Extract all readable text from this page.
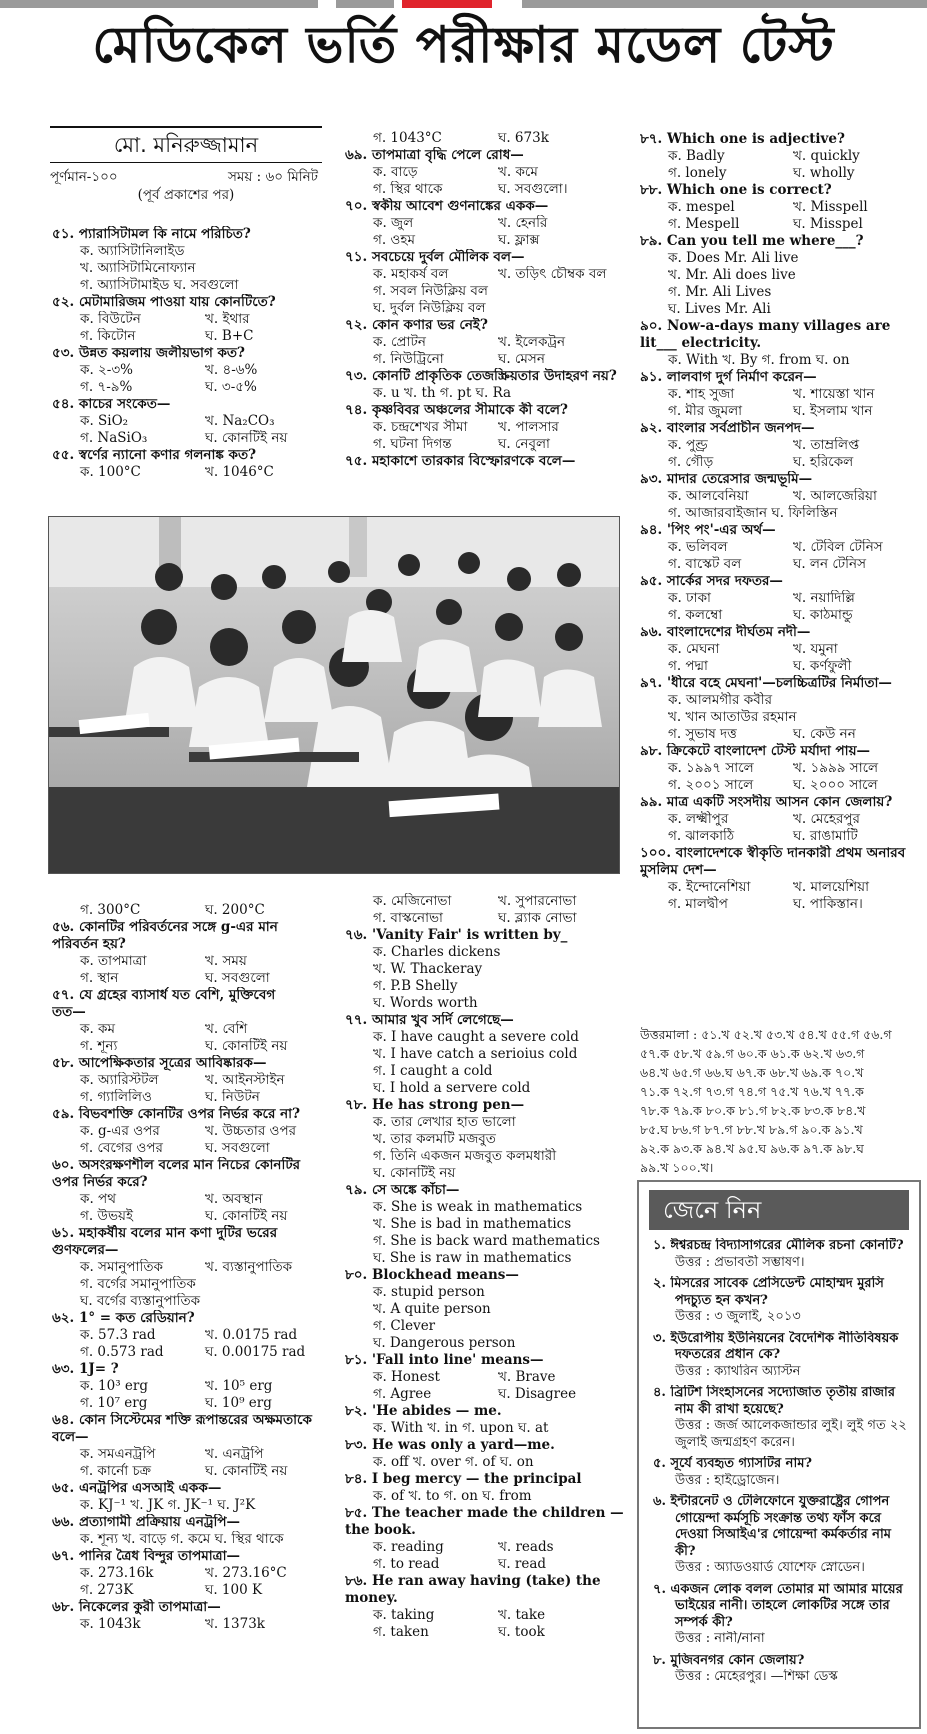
মেডিকেল ভর্তি পরীক্ষার মডেল টেস্ট
মো. মনিরুজ্জামান
পূর্ণমান-১০০	সময় : ৬০ মিনিট
(পূর্ব প্রকাশের পর)
৫১. প্যারাসিটামল কি নামে পরিচিত?
ক. অ্যাসিটানিলাইড
খ. অ্যাসিটামিনোফ্যান
গ. অ্যাসিটামাইড ঘ. সবগুলো
৫২. মেটামারিজম পাওয়া যায় কোনটিতে?
ক. বিউটেন	খ. ইথার
গ. কিটোন	ঘ. B+C
৫৩. উন্নত কয়লায় জলীয়ভাগ কত?
ক. ২-৩%	খ. ৪-৬%
গ. ৭-৯%	ঘ. ৩-৫%
৫৪. কাচের সংকেত—
ক. SiO₂	খ. Na₂CO₃
গ. NaSiO₃	ঘ. কোনটিই নয়
৫৫. স্বর্ণের ন্যানো কণার গলনাঙ্ক কত?
ক. 100°C	খ. 1046°C
গ. 1043°C	ঘ. 673k
৬৯. তাপমাত্রা বৃদ্ধি পেলে রোধ—
ক. বাড়ে	খ. কমে
গ. স্থির থাকে	ঘ. সবগুলো।
৭০. স্বকীয় আবেশ গুণনাঙ্কের একক—
ক. জুল	খ. হেনরি
গ. ওহম	ঘ. ফ্লাক্স
৭১. সবচেয়ে দুর্বল মৌলিক বল—
ক. মহাকর্ষ বল	খ. তড়িৎ চৌম্বক বল
গ. সবল নিউক্লিয় বল
ঘ. দুর্বল নিউক্লিয় বল
৭২. কোন কণার ভর নেই?
ক. প্রোটন	খ. ইলেকট্রন
গ. নিউট্রিনো	ঘ. মেসন
৭৩. কোনটি প্রাকৃতিক তেজস্ক্রিয়তার উদাহরণ নয়?
ক. u খ. th গ. pt ঘ. Ra
৭৪. কৃষ্ণবিবর অঞ্চলের সীমাকে কী বলে?
ক. চন্দ্রশেখর সীমা খ. পালসার
গ. ঘটনা দিগন্ত	ঘ. নেবুলা
৭৫. মহাকাশে তারকার বিস্ফোরণকে বলে—
গ. 300°C	ঘ. 200°C
৫৬. কোনটির পরিবর্তনের সঙ্গে g-এর মান
পরিবর্তন হয়?
ক. তাপমাত্রা	খ. সময়
গ. স্থান	ঘ. সবগুলো
৫৭. যে গ্রহের ব্যাসার্ধ যত বেশি, মুক্তিবেগ
তত—
ক. কম	খ. বেশি
গ. শূন্য	ঘ. কোনটিই নয়
৫৮. আপেক্ষিকতার সূত্রের আবিষ্কারক—
ক. অ্যারিস্টটল	খ. আইনস্টাইন
গ. গ্যালিলিও	ঘ. নিউটন
৫৯. বিভবশক্তি কোনটির ওপর নির্ভর করে না?
ক. g-এর ওপর	খ. উচ্চতার ওপর
গ. বেগের ওপর	ঘ. সবগুলো
৬০. অসংরক্ষণশীল বলের মান নিচের কোনটির
ওপর নির্ভর করে?
ক. পথ	খ. অবস্থান
গ. উভয়ই	ঘ. কোনটিই নয়
৬১. মহাকর্ষীয় বলের মান কণা দুটির ভরের
গুণফলের—
ক. সমানুপাতিক	খ. ব্যস্তানুপাতিক
গ. বর্গের সমানুপাতিক
ঘ. বর্গের ব্যস্তানুপাতিক
৬২. 1° = কত রেডিয়ান?
ক. 57.3 rad	খ. 0.0175 rad
গ. 0.573 rad	ঘ. 0.00175 rad
৬৩. 1J= ?
ক. 10³ erg	খ. 10⁵ erg
গ. 10⁷ erg	ঘ. 10⁹ erg
৬৪. কোন সিস্টেমের শক্তি রূপান্তরের অক্ষমতাকে
বলে—
ক. সমএনট্রপি	খ. এনট্রপি
গ. কার্নো চক্র	ঘ. কোনটিই নয়
৬৫. এনট্রপির এসআই একক—
ক. KJ⁻¹ খ. JK গ. JK⁻¹ ঘ. J²K
৬৬. প্রত্যাগামী প্রক্রিয়ায় এনট্রপি—
ক. শূন্য খ. বাড়ে গ. কমে ঘ. স্থির থাকে
৬৭. পানির ত্রৈধ বিন্দুর তাপমাত্রা—
ক. 273.16k	খ. 273.16°C
গ. 273K	ঘ. 100 K
৬৮. নিকেলের কুরী তাপমাত্রা—
ক. 1043k	খ. 1373k
ক. মেজিনোভা	খ. সুপারনোভা
গ. বাস্কনোভা	ঘ. ব্ল্যাক নোভা
৭৬. 'Vanity Fair' is written by_
ক. Charles dickens
খ. W. Thackeray
গ. P.B Shelly
ঘ. Words worth
৭৭. আমার খুব সর্দি লেগেছে—
ক. I have caught a severe cold
খ. I have catch a serioius cold
গ. I caught a cold
ঘ. I hold a servere cold
৭৮. He has strong pen—
ক. তার লেখার হাত ভালো
খ. তার কলমটি মজবুত
গ. তিনি একজন মজবুত কলমধারী
ঘ. কোনটিই নয়
৭৯. সে অঙ্কে কাঁচা—
ক. She is weak in mathematics
খ. She is bad in mathematics
গ. She is back ward mathematics
ঘ. She is raw in mathematics
৮০. Blockhead means—
ক. stupid person
খ. A quite person
গ. Clever
ঘ. Dangerous person
৮১. 'Fall into line' means—
ক. Honest	খ. Brave
গ. Agree	ঘ. Disagree
৮২. 'He abides — me.
ক. With খ. in গ. upon ঘ. at
৮৩. He was only a yard—me.
ক. off খ. over গ. of ঘ. on
৮৪. I beg mercy — the principal
ক. of খ. to গ. on ঘ. from
৮৫. The teacher made the children —
the book.
ক. reading	খ. reads
গ. to read	ঘ. read
৮৬. He ran away having (take) the
money.
ক. taking	খ. take
গ. taken	ঘ. took
৮৭. Which one is adjective?
ক. Badly	খ. quickly
গ. lonely	ঘ. wholly
৮৮. Which one is correct?
ক. mespel	খ. Misspell
গ. Mespell	ঘ. Misspel
৮৯. Can you tell me where___?
ক. Does Mr. Ali live
খ. Mr. Ali does live
গ. Mr. Ali Lives
ঘ. Lives Mr. Ali
৯০. Now-a-days many villages are
lit___ electricity.
ক. With খ. By গ. from ঘ. on
৯১. লালবাগ দুর্গ নির্মাণ করেন—
ক. শাহ সুজা	খ. শায়েস্তা খান
গ. মীর জুমলা	ঘ. ইসলাম খান
৯২. বাংলার সর্বপ্রাচীন জনপদ—
ক. পুণ্ড্র	খ. তাম্রলিপ্ত
গ. গৌড়	ঘ. হরিকেল
৯৩. মাদার তেরেসার জন্মভূমি—
ক. আলবেনিয়া	খ. আলজেরিয়া
গ. আজারবাইজান ঘ. ফিলিস্তিন
৯৪. 'পিং পং'-এর অর্থ—
ক. ভলিবল	খ. টেবিল টেনিস
গ. বাস্কেট বল	ঘ. লন টেনিস
৯৫. সার্কের সদর দফতর—
ক. ঢাকা	খ. নয়াদিল্লি
গ. কলম্বো	ঘ. কাঠমান্ডু
৯৬. বাংলাদেশের দীর্ঘতম নদী—
ক. মেঘনা	খ. যমুনা
গ. পদ্মা	ঘ. কর্ণফুলী
৯৭. 'ধীরে বহে মেঘনা'—চলচ্চিত্রটির নির্মাতা—
ক. আলমগীর কবীর
খ. খান আতাউর রহমান
গ. সুভাষ দত্ত	ঘ. কেউ নন
৯৮. ক্রিকেটে বাংলাদেশ টেস্ট মর্যাদা পায়—
ক. ১৯৯৭ সালে	খ. ১৯৯৯ সালে
গ. ২০০১ সালে	ঘ. ২০০০ সালে
৯৯. মাত্র একটি সংসদীয় আসন কোন জেলায়?
ক. লক্ষ্মীপুর	খ. মেহেরপুর
গ. ঝালকাঠি	ঘ. রাঙামাটি
১০০. বাংলাদেশকে স্বীকৃতি দানকারী প্রথম অনারব
মুসলিম দেশ—
ক. ইন্দোনেশিয়া	খ. মালয়েশিয়া
গ. মালদ্বীপ	ঘ. পাকিস্তান।
উত্তরমালা : ৫১.খ ৫২.খ ৫৩.খ ৫৪.খ ৫৫.গ ৫৬.গ
৫৭.ক ৫৮.খ ৫৯.গ ৬০.ক ৬১.ক ৬২.খ ৬৩.গ
৬৪.খ ৬৫.গ ৬৬.ঘ ৬৭.ক ৬৮.খ ৬৯.ক ৭০.খ
৭১.ক ৭২.গ ৭৩.গ ৭৪.গ ৭৫.খ ৭৬.খ ৭৭.ক
৭৮.ক ৭৯.ক ৮০.ক ৮১.গ ৮২.ক ৮৩.ক ৮৪.খ
৮৫.ঘ ৮৬.গ ৮৭.গ ৮৮.খ ৮৯.গ ৯০.ক ৯১.খ
৯২.ক ৯৩.ক ৯৪.খ ৯৫.ঘ ৯৬.ক ৯৭.ক ৯৮.ঘ
৯৯.খ ১০০.খ।
জেনে নিন
১. ঈশ্বরচন্দ্র বিদ্যাসাগরের মৌলিক রচনা কোনটি?
উত্তর : প্রভাবতী সম্ভাষণ।
২. মিসরের সাবেক প্রেসিডেন্ট মোহাম্মদ মুরসি পদচ্যুত হন কখন?
উত্তর : ৩ জুলাই, ২০১৩
৩. ইউরোপীয় ইউনিয়নের বৈদেশিক নীতিবিষয়ক দফতরের প্রধান কে?
উত্তর : ক্যাথরিন অ্যাস্টন
৪. ব্রিটিশ সিংহাসনের সদ্যোজাত তৃতীয় রাজার নাম কী রাখা হয়েছে?
উত্তর : জর্জ আলেকজান্ডার লুই। লুই গত ২২ জুলাই জন্মগ্রহণ করেন।
৫. সূর্যে ব্যবহৃত গ্যাসটির নাম?
উত্তর : হাইড্রোজেন।
৬. ইন্টারনেট ও টেলিফোনে যুক্তরাষ্ট্রের গোপন গোয়েন্দা কর্মসূচি সংক্রান্ত তথ্য ফাঁস করে দেওয়া সিআইএ'র গোয়েন্দা কর্মকর্তার নাম কী?
উত্তর : অ্যাডওয়ার্ড যোশেফ স্নোডেন।
৭. একজন লোক বলল তোমার মা আমার মায়ের ভাইয়ের নানী। তাহলে লোকটির সঙ্গে তার সম্পর্ক কী?
উত্তর : নানী/নানা
৮. মুজিবনগর কোন জেলায়?
উত্তর : মেহেরপুর। —শিক্ষা ডেস্ক
